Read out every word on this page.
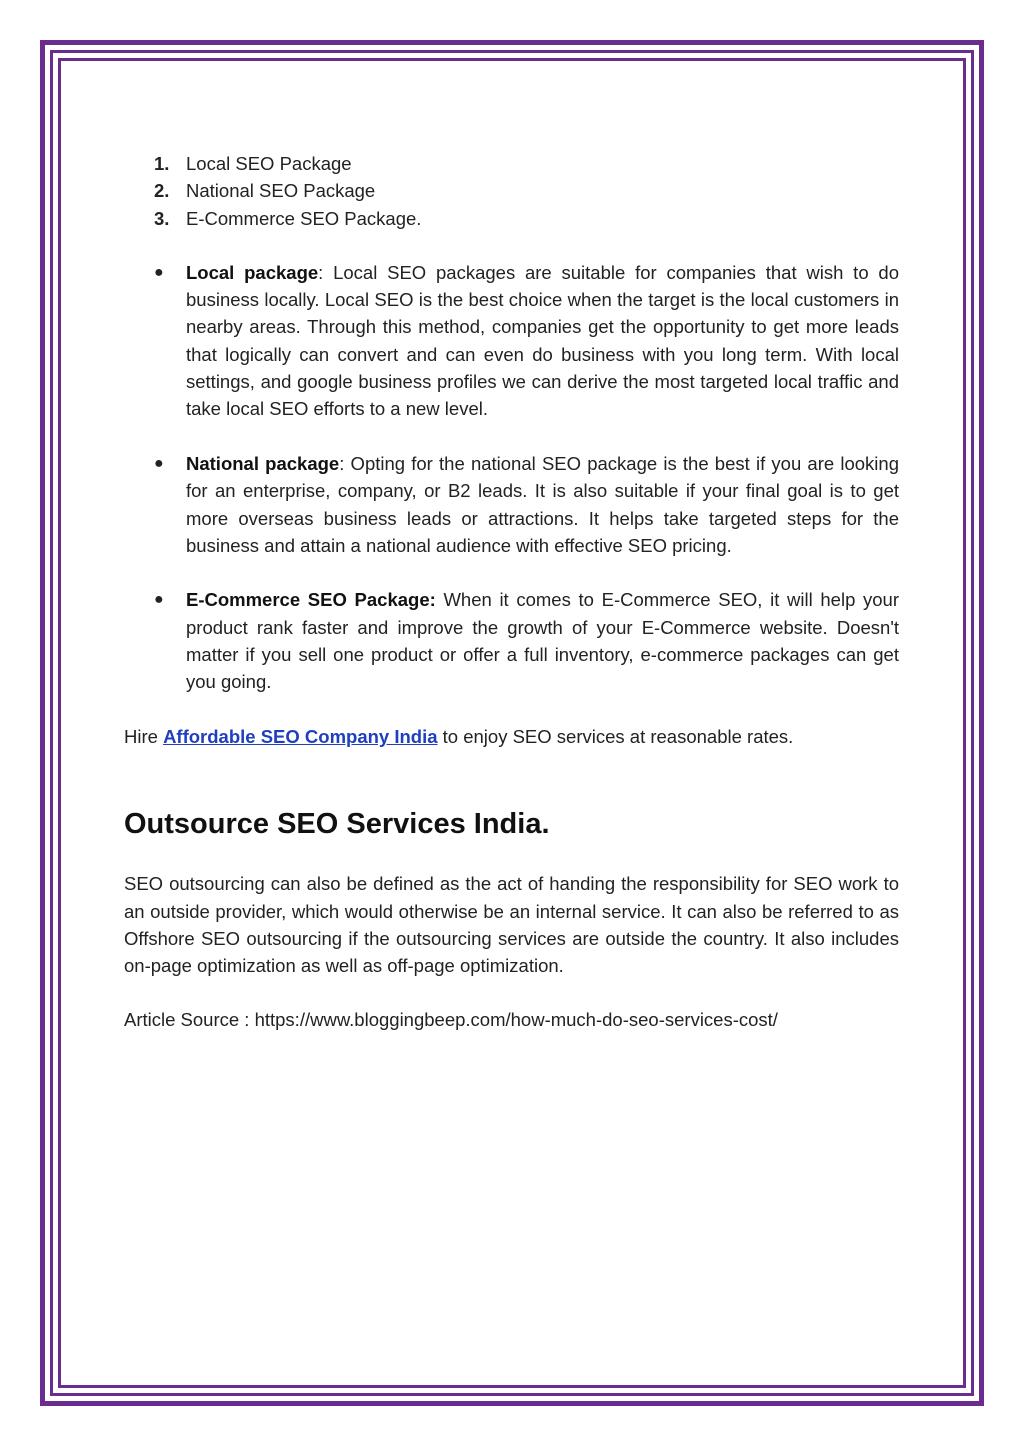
1. Local SEO Package
2. National SEO Package
3. E-Commerce SEO Package.
● Local package: Local SEO packages are suitable for companies that wish to do business locally. Local SEO is the best choice when the target is the local customers in nearby areas. Through this method, companies get the opportunity to get more leads that logically can convert and can even do business with you long term. With local settings, and google business profiles we can derive the most targeted local traffic and take local SEO efforts to a new level.
● National package: Opting for the national SEO package is the best if you are looking for an enterprise, company, or B2 leads. It is also suitable if your final goal is to get more overseas business leads or attractions. It helps take targeted steps for the business and attain a national audience with effective SEO pricing.
● E-Commerce SEO Package: When it comes to E-Commerce SEO, it will help your product rank faster and improve the growth of your E-Commerce website. Doesn't matter if you sell one product or offer a full inventory, e-commerce packages can get you going.

Hire Affordable SEO Company India to enjoy SEO services at reasonable rates.

Outsource SEO Services India.

SEO outsourcing can also be defined as the act of handing the responsibility for SEO work to an outside provider, which would otherwise be an internal service. It can also be referred to as Offshore SEO outsourcing if the outsourcing services are outside the country. It also includes on-page optimization as well as off-page optimization.

Article Source : https://www.bloggingbeep.com/how-much-do-seo-services-cost/
